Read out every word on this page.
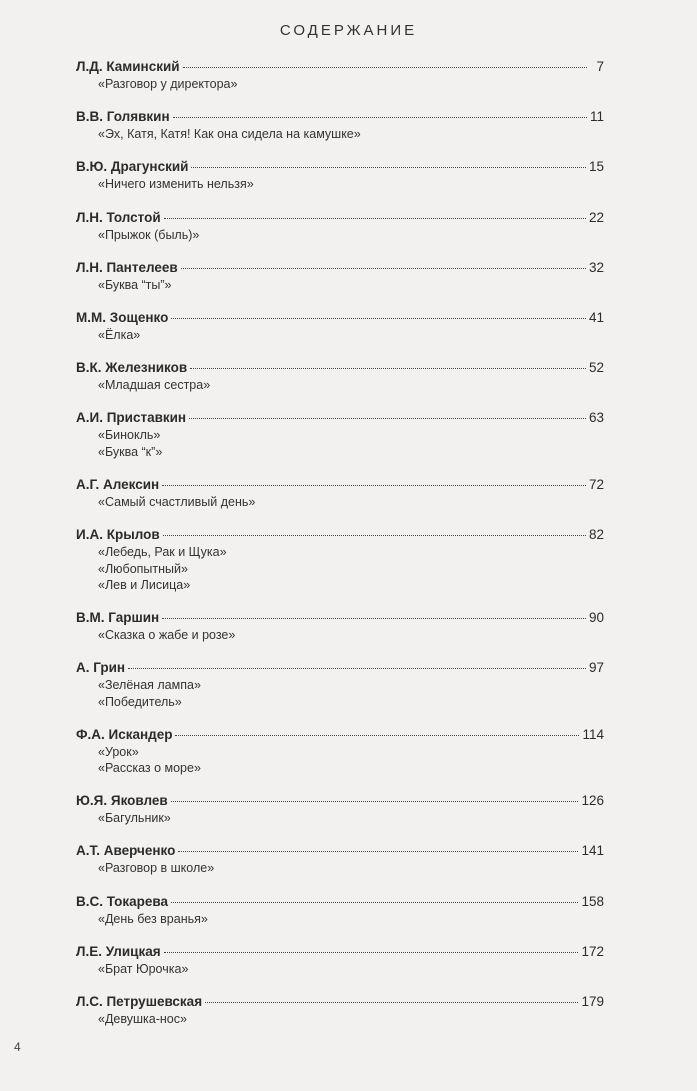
СОДЕРЖАНИЕ
Л.Д. Каминский	7
«Разговор у директора»
В.В. Голявкин	11
«Эх, Катя, Катя! Как она сидела на камушке»
В.Ю. Драгунский	15
«Ничего изменить нельзя»
Л.Н. Толстой	22
«Прыжок (быль)»
Л.Н. Пантелеев	32
«Буква “ты”»
М.М. Зощенко	41
«Ёлка»
В.К. Железников	52
«Младшая сестра»
А.И. Приставкин	63
«Бинокль»
«Буква “к”»
А.Г. Алексин	72
«Самый счастливый день»
И.А. Крылов	82
«Лебедь, Рак и Щука»
«Любопытный»
«Лев и Лисица»
В.М. Гаршин	90
«Сказка о жабе и розе»
А. Грин	97
«Зелёная лампа»
«Победитель»
Ф.А. Искандер	114
«Урок»
«Рассказ о море»
Ю.Я. Яковлев	126
«Багульник»
А.Т. Аверченко	141
«Разговор в школе»
В.С. Токарева	158
«День без вранья»
Л.Е. Улицкая	172
«Брат Юрочка»
Л.С. Петрушевская	179
«Девушка-нос»
4
